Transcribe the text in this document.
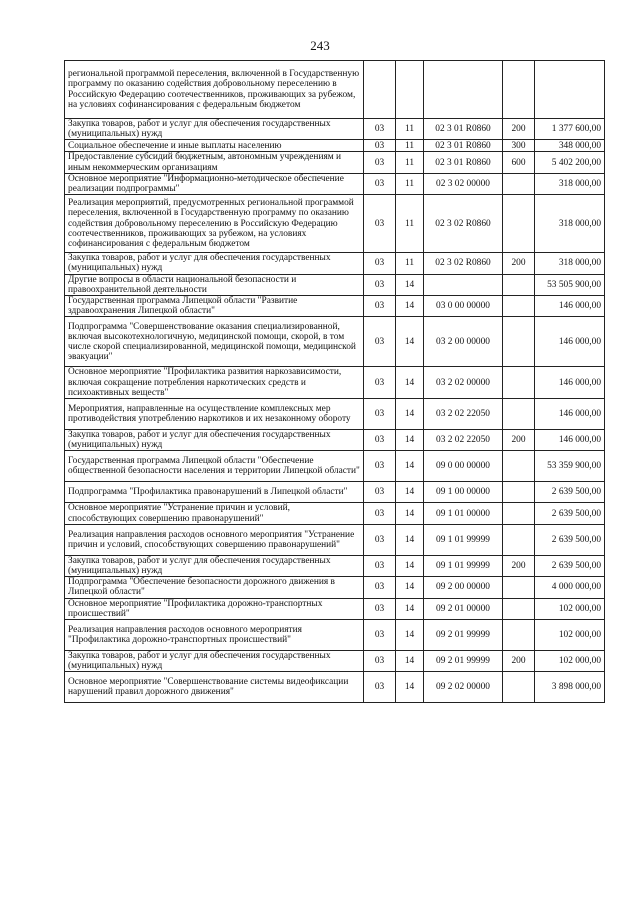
243
региональной программой переселения, включенной в Государственную программу по оказанию содействия добровольному переселению в Российскую Федерацию соотечественников, проживающих за рубежом, на условиях софинансирования с федеральным бюджетом					
Закупка товаров, работ и услуг для обеспечения государственных (муниципальных) нужд	03	11	02 3 01 R0860	200	1 377 600,00
Социальное обеспечение и иные выплаты населению	03	11	02 3 01 R0860	300	348 000,00
Предоставление субсидий бюджетным, автономным учреждениям и иным некоммерческим организациям	03	11	02 3 01 R0860	600	5 402 200,00
Основное мероприятие "Информационно-методическое обеспечение реализации подпрограммы"	03	11	02 3 02 00000		318 000,00
Реализация мероприятий, предусмотренных региональной программой переселения, включенной в Государственную программу по оказанию содействия добровольному переселению в Российскую Федерацию соотечественников, проживающих за рубежом, на условиях софинансирования с федеральным бюджетом	03	11	02 3 02 R0860		318 000,00
Закупка товаров, работ и услуг для обеспечения государственных (муниципальных) нужд	03	11	02 3 02 R0860	200	318 000,00
Другие вопросы в области национальной безопасности и правоохранительной деятельности	03	14			53 505 900,00
Государственная программа Липецкой области "Развитие здравоохранения Липецкой области"	03	14	03 0 00 00000		146 000,00
Подпрограмма "Совершенствование оказания специализированной, включая высокотехнологичную, медицинской помощи, скорой, в том числе скорой специализированной, медицинской помощи, медицинской эвакуации"	03	14	03 2 00 00000		146 000,00
Основное мероприятие "Профилактика развития наркозависимости, включая сокращение потребления наркотических средств и психоактивных веществ"	03	14	03 2 02 00000		146 000,00
Мероприятия, направленные на осуществление комплексных мер противодействия употреблению наркотиков и их незаконному обороту	03	14	03 2 02 22050		146 000,00
Закупка товаров, работ и услуг для обеспечения государственных (муниципальных) нужд	03	14	03 2 02 22050	200	146 000,00
Государственная программа Липецкой области "Обеспечение общественной безопасности населения и территории Липецкой области"	03	14	09 0 00 00000		53 359 900,00
Подпрограмма "Профилактика правонарушений в Липецкой области"	03	14	09 1 00 00000		2 639 500,00
Основное мероприятие "Устранение причин и условий, способствующих совершению правонарушений"	03	14	09 1 01 00000		2 639 500,00
Реализация направления расходов основного мероприятия "Устранение причин и условий, способствующих совершению правонарушений"	03	14	09 1 01 99999		2 639 500,00
Закупка товаров, работ и услуг для обеспечения государственных (муниципальных) нужд	03	14	09 1 01 99999	200	2 639 500,00
Подпрограмма "Обеспечение безопасности дорожного движения в Липецкой области"	03	14	09 2 00 00000		4 000 000,00
Основное мероприятие "Профилактика дорожно-транспортных происшествий"	03	14	09 2 01 00000		102 000,00
Реализация направления расходов основного мероприятия "Профилактика дорожно-транспортных происшествий"	03	14	09 2 01 99999		102 000,00
Закупка товаров, работ и услуг для обеспечения государственных (муниципальных) нужд	03	14	09 2 01 99999	200	102 000,00
Основное мероприятие "Совершенствование системы видеофиксации нарушений правил дорожного движения"	03	14	09 2 02 00000		3 898 000,00
